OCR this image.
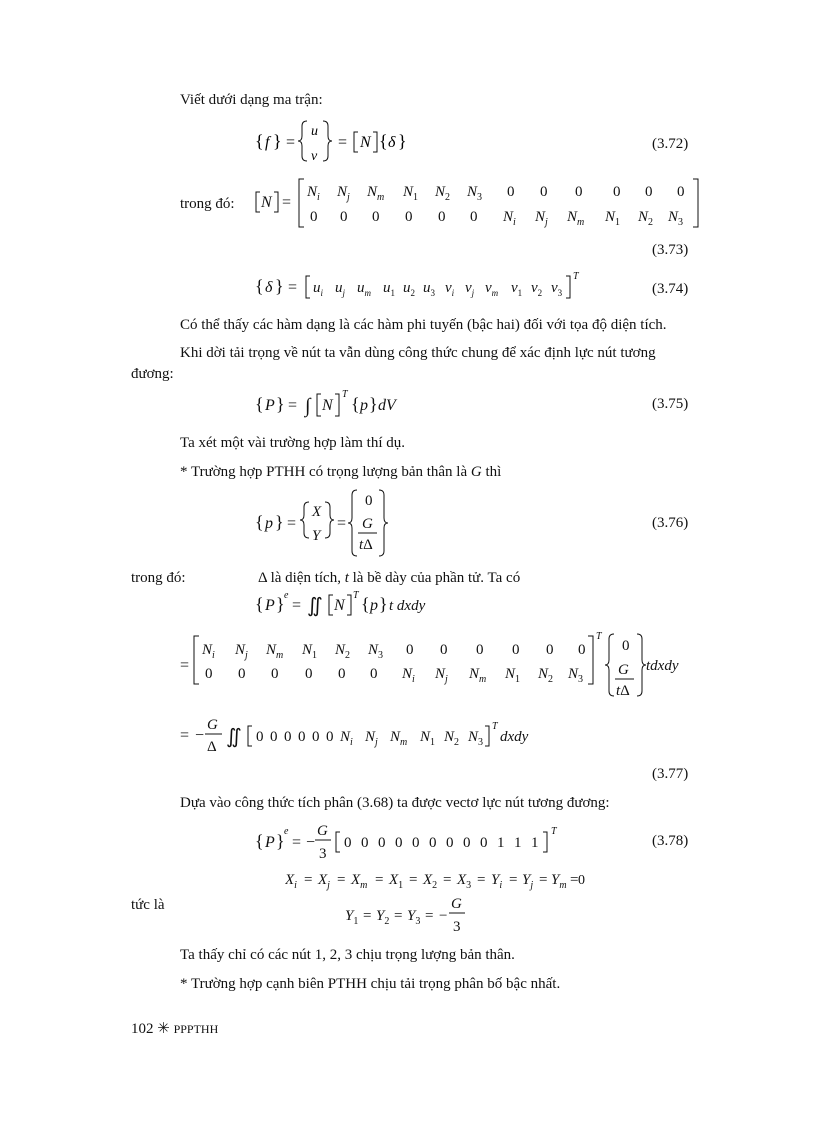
Viết dưới dạng ma trận:
{ f } =
u
v
= N { δ }	(3.72)
trong đó: N =
$N_i$ $N_j$ $N_m$ $N_1$ $N_2$ $N_3$ 0 0 0 0 0 0
0 0 0 0 0 0 $N_i$ $N_j$ $N_m$ $N_1$ $N_2$ $N_3$
(3.73)
{ δ } = $u_i$ $u_j$ $u_m$ $u_1$ $u_2$ $u_3$ $v_i$ $v_j$ $v_m$ $v_1$ $v_2$ $v_3$
T
(3.74)
Có thể thấy các hàm dạng là các hàm phi tuyến (bậc hai) đối với tọa độ diện tích.
Khi dời tải trọng về nút ta vẫn dùng công thức chung để xác định lực nút tương
đương:
{ P } = ∫ N
T { p } dV	(3.75)
Ta xét một vài trường hợp làm thí dụ.
* Trường hợp PTHH có trọng lượng bản thân là G thì
{ p } =
X
Y
=
0
G
tΔ
(3.76)
trong đó:	Δ là diện tích, t là bề dày của phần tử. Ta có
{ P } e
= ∬ N
T { p } t dxdy
=
$N_i$ $N_j$ $N_m$ $N_1$ $N_2$ $N_3$ 0 0 0 0 0 0
0 0 0 0 0 0 $N_i$ $N_j$ $N_m$ $N_1$ $N_2$ $N_3$
T
0
G
tΔ
tdxdy
= −
G
Δ ∬ 0 0 0 0 0 0 $N_i$ $N_j$ $N_m$ $N_1$ $N_2$ $N_3$
T
dxdy
(3.77)
Dựa vào công thức tích phân (3.68) ta được vectơ lực nút tương đương:
{ P } e
= −
G
3
0 0 0 0 0 0 0 0 0 1 1 1
T
(3.78)
$X_i = X_j = X_m = X_1 = X_2 = X_3 = Y_i = Y_j = Y_m = 0$
tức là
$Y_1 = Y_2 = Y_3$ = −
G
3
Ta thấy chỉ có các nút 1, 2, 3 chịu trọng lượng bản thân.
* Trường hợp cạnh biên PTHH chịu tải trọng phân bố bậc nhất.
102 ✳ PPPTHH
